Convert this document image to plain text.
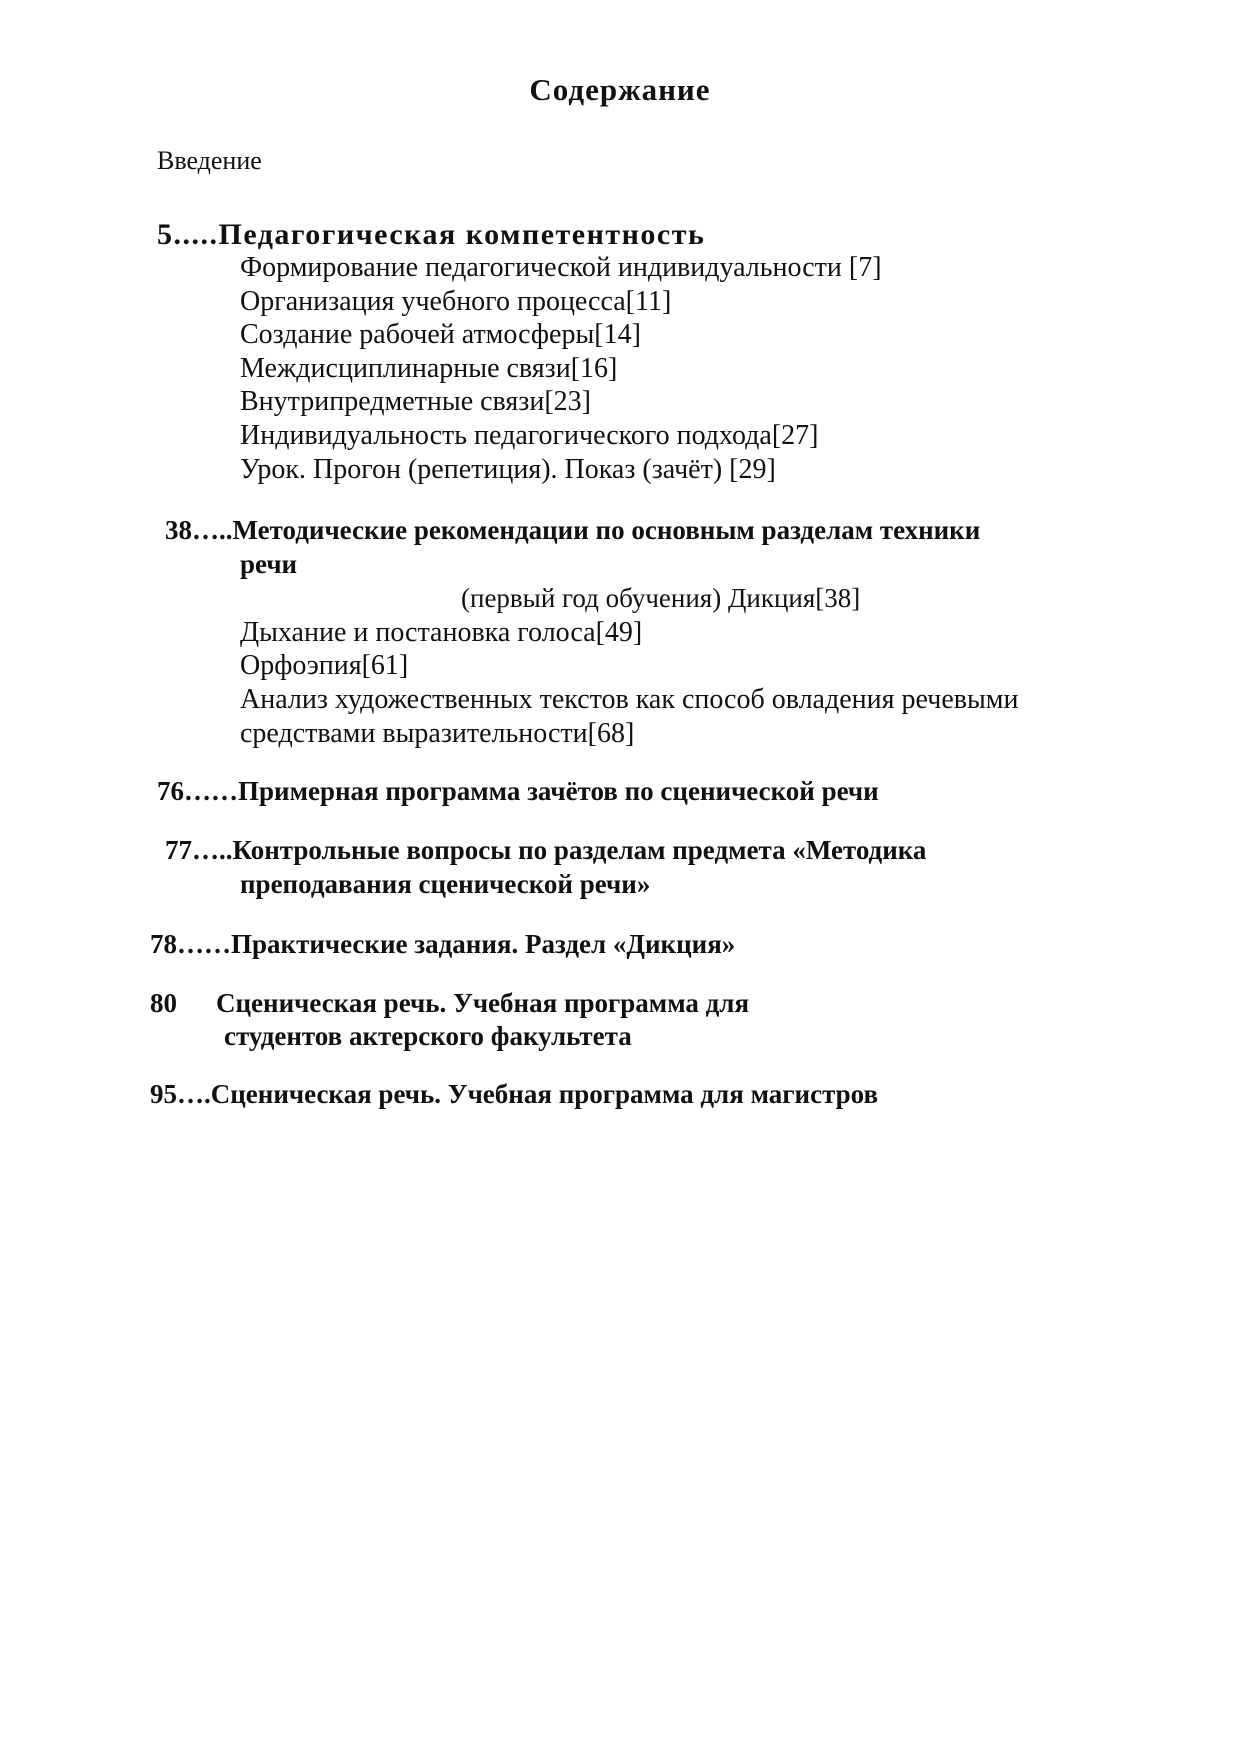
Содержание
Введение
5.....Педагогическая компетентность
Формирование педагогической индивидуальности [7]
Организация учебного процесса[11]
Создание рабочей атмосферы[14]
Междисциплинарные связи[16]
Внутрипредметные связи[23]
Индивидуальность педагогического подхода[27]
Урок. Прогон (репетиция). Показ (зачёт) [29]
38…..Методические рекомендации по основным разделам техники
речи
(первый год обучения) Дикция[38]
Дыхание и постановка голоса[49]
Орфоэпия[61]
Анализ художественных текстов как способ овладения речевыми
средствами выразительности[68]
76……Примерная программа зачётов по сценической речи
77…..Контрольные вопросы по разделам предмета «Методика
преподавания сценической речи»
78……Практические задания. Раздел «Дикция»
80 Сценическая речь. Учебная программа для
студентов актерского факультета
95….Сценическая речь. Учебная программа для магистров
